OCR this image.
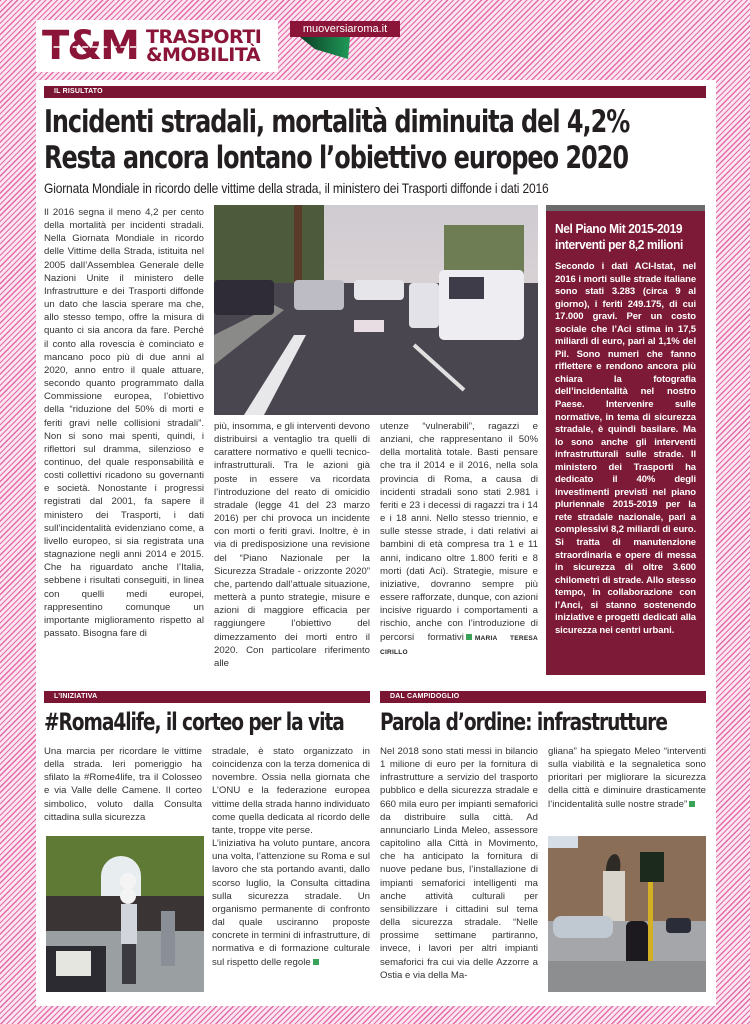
T&M TRASPORTI
&MOBILITÀ
muoversiaroma.it
IL RISULTATO
Incidenti stradali, mortalità diminuita del 4,2%
Resta ancora lontano l’obiettivo europeo 2020
Giornata Mondiale in ricordo delle vittime della strada, il ministero dei Trasporti diffonde i dati 2016

Il 2016 segna il meno 4,2 per cento della mortalità per incidenti stradali. Nella Giornata Mondiale in ricordo delle Vittime della Strada, istituita nel 2005 dall’Assemblea Generale delle Nazioni Unite il ministero delle Infrastrutture e dei Trasporti diffonde un dato che lascia sperare ma che, allo stesso tempo, offre la misura di quanto ci sia ancora da fare. Perché il conto alla rovescia è cominciato e mancano poco più di due anni al 2020, anno entro il quale attuare, secondo quanto programmato dalla Commissione europea, l’obiettivo della “riduzione del 50% di morti e feriti gravi nelle collisioni stradali”. Non si sono mai spenti, quindi, i riflettori sul dramma, silenzioso e continuo, del quale responsabilità e costi collettivi ricadono su governanti e società. Nonostante i progressi registrati dal 2001, fa sapere il ministero dei Trasporti, i dati sull’incidentalità evidenziano come, a livello europeo, si sia registrata una stagnazione negli anni 2014 e 2015. Che ha riguardato anche l’Italia, sebbene i risultati conseguiti, in linea con quelli medi europei, rappresentino comunque un importante miglioramento rispetto al passato. Bisogna fare di

più, insomma, e gli interventi devono distribuirsi a ventaglio tra quelli di carattere normativo e quelli tecnico-infrastrutturali. Tra le azioni già poste in essere va ricordata l’introduzione del reato di omicidio stradale (legge 41 del 23 marzo 2016) per chi provoca un incidente con morti o feriti gravi. Inoltre, è in via di predisposizione una revisione del “Piano Nazionale per la Sicurezza Stradale - orizzonte 2020” che, partendo dall’attuale situazione, metterà a punto strategie, misure e azioni di maggiore efficacia per raggiungere l’obiettivo del dimezzamento dei morti entro il 2020. Con particolare riferimento alle

utenze “vulnerabili”, ragazzi e anziani, che rappresentano il 50% della mortalità totale. Basti pensare che tra il 2014 e il 2016, nella sola provincia di Roma, a causa di incidenti stradali sono stati 2.981 i feriti e 23 i decessi di ragazzi tra i 14 e i 18 anni. Nello stesso triennio, e sulle stesse strade, i dati relativi ai bambini di età compresa tra 1 e 11 anni, indicano oltre 1.800 feriti e 8 morti (dati Aci). Strategie, misure e iniziative, dovranno sempre più essere rafforzate, dunque, con azioni incisive riguardo i comportamenti a rischio, anche con l’introduzione di percorsi formativi MARIA TERESA CIRILLO

Nel Piano Mit 2015-2019
interventi per 8,2 milioni
Secondo i dati ACI-Istat, nel 2016 i morti sulle strade italiane sono stati 3.283 (circa 9 al giorno), i feriti 249.175, di cui 17.000 gravi. Per un costo sociale che l’Aci stima in 17,5 miliardi di euro, pari al 1,1% del Pil. Sono numeri che fanno riflettere e rendono ancora più chiara la fotografia dell’incidentalità nel nostro Paese. Intervenire sulle normative, in tema di sicurezza stradale, è quindi basilare. Ma lo sono anche gli interventi infrastrutturali sulle strade. Il ministero dei Trasporti ha dedicato il 40% degli investimenti previsti nel piano pluriennale 2015-2019 per la rete stradale nazionale, pari a complessivi 8,2 miliardi di euro. Si tratta di manutenzione straordinaria e opere di messa in sicurezza di oltre 3.600 chilometri di strade. Allo stesso tempo, in collaborazione con l’Anci, si stanno sostenendo iniziative e progetti dedicati alla sicurezza nei centri urbani.
L’INIZIATIVA
#Roma4life, il corteo per la vita

Una marcia per ricordare le vittime della strada. Ieri pomeriggio ha sfilato la #Rome4life, tra il Colosseo e via Valle delle Camene. Il corteo simbolico, voluto dalla Consulta cittadina sulla sicurezza

stradale, è stato organizzato in coincidenza con la terza domenica di novembre. Ossia nella giornata che L’ONU e la federazione europea vittime della strada hanno individuato come quella dedicata al ricordo delle tante, troppe vite perse.

L’iniziativa ha voluto puntare, ancora una volta, l’attenzione su Roma e sul lavoro che sta portando avanti, dallo scorso luglio, la Consulta cittadina sulla sicurezza stradale. Un organismo permanente di confronto dal quale usciranno proposte concrete in termini di infrastrutture, di normativa e di formazione culturale sul rispetto delle regole

DAL CAMPIDOGLIO
Parola d’ordine: infrastrutture

Nel 2018 sono stati messi in bilancio 1 milione di euro per la fornitura di infrastrutture a servizio del trasporto pubblico e della sicurezza stradale e 660 mila euro per impianti semaforici da distribuire sulla città. Ad annunciarlo Linda Meleo, assessore capitolino alla Città in Movimento, che ha anticipato la fornitura di nuove pedane bus, l’installazione di impianti semaforici intelligenti ma anche attività culturali per sensibilizzare i cittadini sul tema della sicurezza stradale. “Nelle prossime settimane partiranno, invece, i lavori per altri impianti semaforici fra cui via delle Azzorre a Ostia e via della Ma-

gliana” ha spiegato Meleo “interventi sulla viabilità e la segnaletica sono prioritari per migliorare la sicurezza della città e diminuire drasticamente l’incidentalità sulle nostre strade”
